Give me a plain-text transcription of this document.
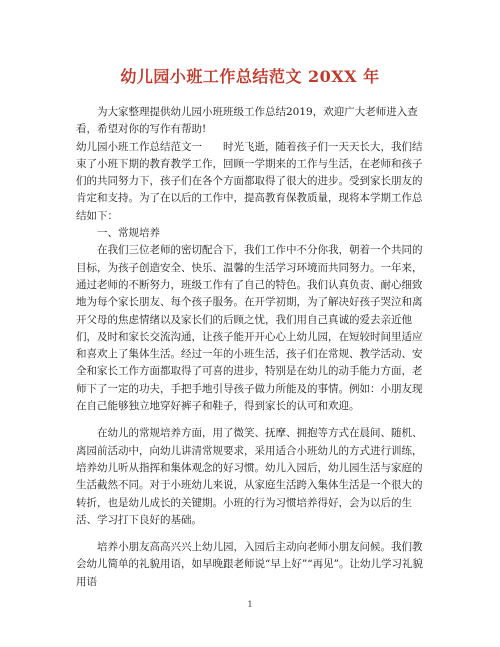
幼儿园小班工作总结范文 20XX 年

为大家整理提供幼儿园小班班级工作总结2019，欢迎广大老师进入查看，希望对你的写作有帮助!

幼儿园小班工作总结范文一　　时光飞逝，随着孩子们一天天长大，我们结束了小班下期的教育教学工作，回顾一学期来的工作与生活，在老师和孩子们的共同努力下，孩子们在各个方面都取得了很大的进步。受到家长朋友的肯定和支持。为了在以后的工作中，提高教育保教质量，现将本学期工作总结如下：

一、常规培养

在我们三位老师的密切配合下，我们工作中不分你我，朝着一个共同的目标，为孩子创造安全、快乐、温馨的生活学习环境而共同努力。一年来，通过老师的不断努力，班级工作有了自己的特色。我们认真负责、耐心细致地为每个家长朋友、每个孩子服务。在开学初期，为了解决好孩子哭泣和离开父母的焦虑情绪以及家长们的后顾之忧，我们用自己真诚的爱去亲近他们，及时和家长交流沟通，让孩子能开开心心上幼儿园，在短较时间里适应和喜欢上了集体生活。经过一年的小班生活，孩子们在常规、教学活动、安全和家长工作方面都取得了可喜的进步，特别是在幼儿的动手能力方面，老师下了一定的功夫，手把手地引导孩子做力所能及的事情。例如：小朋友现在自己能够独立地穿好裤子和鞋子，得到家长的认可和欢迎。

在幼儿的常规培养方面，用了微笑、抚摩、拥抱等方式在晨间、随机、离园前活动中，向幼儿讲清常规要求，采用适合小班幼儿的方式进行训练，培养幼儿听从指挥和集体观念的好习惯。幼儿入园后，幼儿园生活与家庭的生活截然不同。对于小班幼儿来说，从家庭生活跨入集体生活是一个很大的转折，也是幼儿成长的关键期。小班的行为习惯培养得好，会为以后的生活、学习打下良好的基础。

培养小朋友高高兴兴上幼儿园，入园后主动向老师小朋友问候。我们教会幼儿简单的礼貌用语，如早晚跟老师说“早上好”“再见”。让幼儿学习礼貌用语

1
